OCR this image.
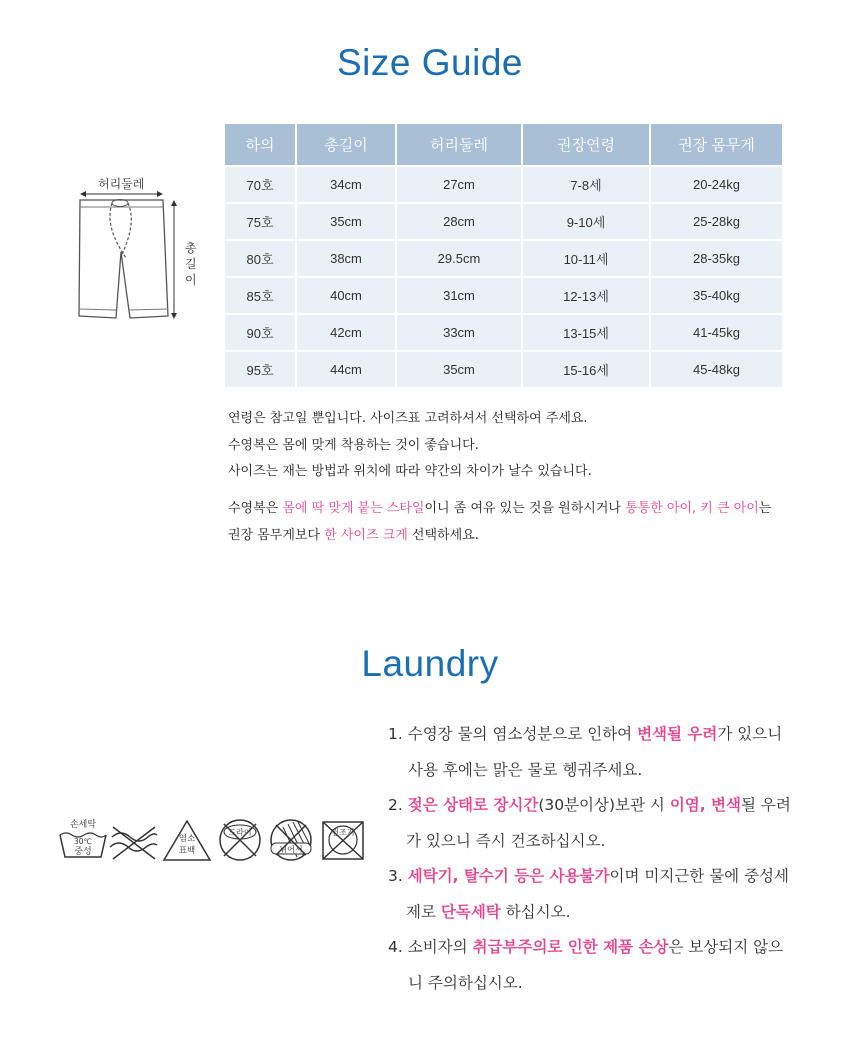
Size Guide
허리둘레
총
길
이
하의	총길이	허리둘레	권장연령	권장 몸무게
70호	34cm	27cm	7-8세	20-24kg
75호	35cm	28cm	9-10세	25-28kg
80호	38cm	29.5cm	10-11세	28-35kg
85호	40cm	31cm	12-13세	35-40kg
90호	42cm	33cm	13-15세	41-45kg
95호	44cm	35cm	15-16세	45-48kg
연령은 참고일 뿐입니다. 사이즈표 고려하셔서 선택하여 주세요.
수영복은 몸에 맞게 착용하는 것이 좋습니다.
사이즈는 재는 방법과 위치에 따라 약간의 차이가 날수 있습니다.
수영복은 몸에 딱 맞게 붙는 스타일이니 좀 여유 있는 것을 원하시거나 통통한 아이, 키 큰 아이는
권장 몸무게보다 한 사이즈 크게 선택하세요.
Laundry
손세탁
30℃
중성
염소
표백
드라이
뉘어서
건조기
1. 수영장 물의 염소성분으로 인하여 변색될 우려가 있으니
사용 후에는 맑은 물로 헹궈주세요.
2. 젖은 상태로 장시간(30분이상)보관 시 이염, 변색될 우려
가 있으니 즉시 건조하십시오.
3. 세탁기, 탈수기 등은 사용불가이며 미지근한 물에 중성세
제로 단독세탁 하십시오.
4. 소비자의 취급부주의로 인한 제품 손상은 보상되지 않으
니 주의하십시오.
